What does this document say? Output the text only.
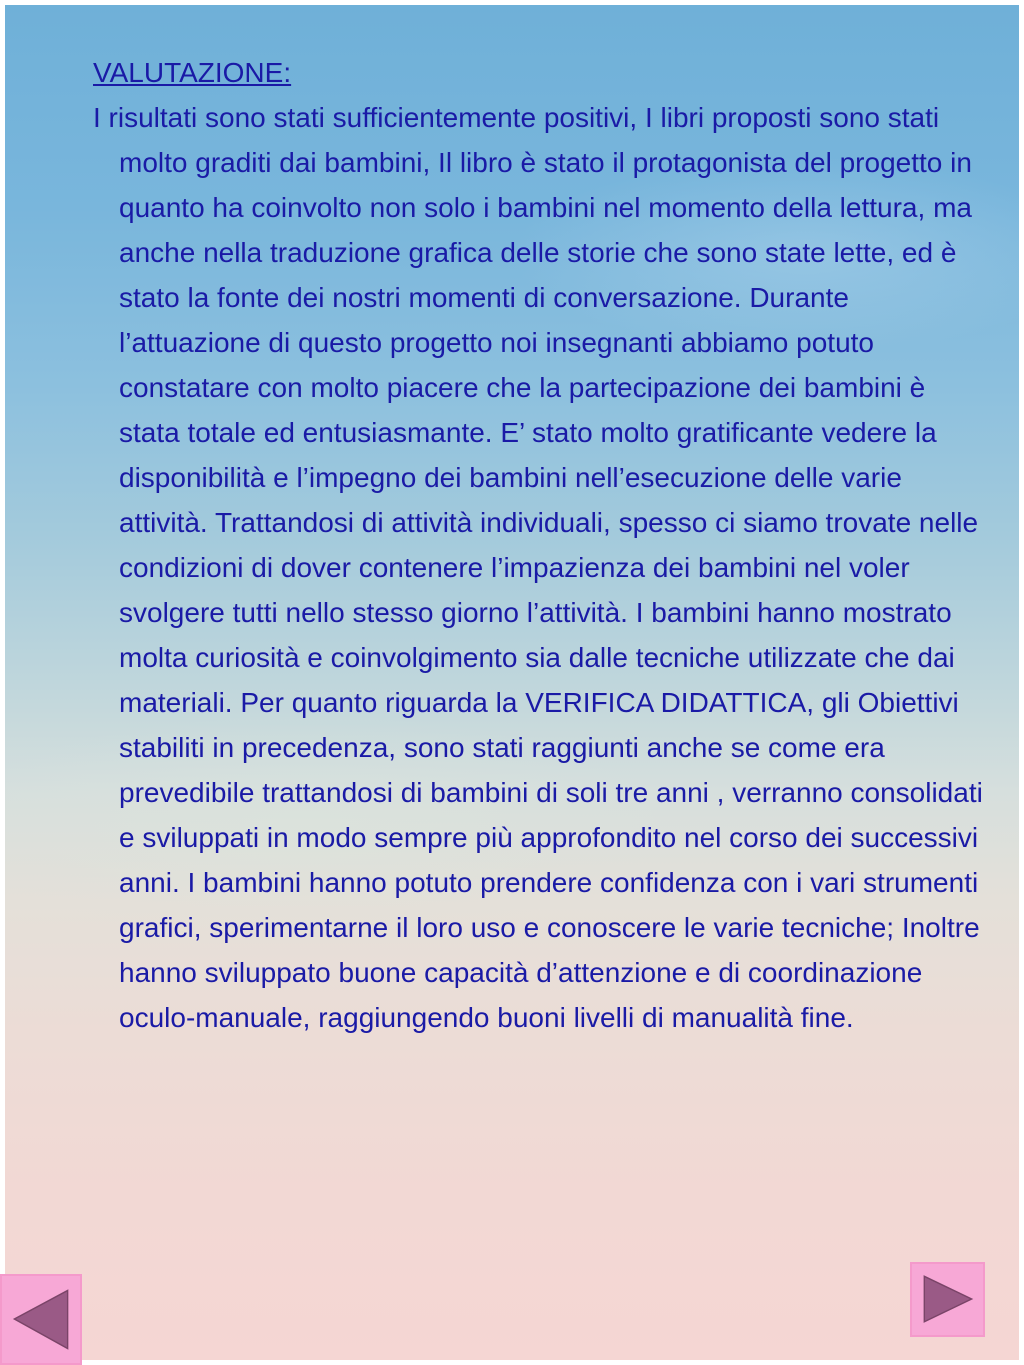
VALUTAZIONE:

I risultati sono stati sufficientemente positivi, I libri proposti sono stati molto graditi dai bambini, Il libro è stato il protagonista del progetto in quanto ha coinvolto non solo i bambini nel momento della lettura, ma anche nella traduzione grafica delle storie che sono state lette, ed è stato la fonte dei nostri momenti di conversazione. Durante l’attuazione di questo progetto noi insegnanti abbiamo potuto constatare con molto piacere che la partecipazione dei bambini è stata totale ed entusiasmante. E’ stato molto gratificante vedere la disponibilità e l’impegno dei bambini nell’esecuzione delle varie attività. Trattandosi di attività individuali, spesso ci siamo trovate nelle condizioni di dover contenere l’impazienza dei bambini nel voler svolgere tutti nello stesso giorno l’attività. I bambini hanno mostrato molta curiosità e coinvolgimento sia dalle tecniche utilizzate che dai materiali. Per quanto riguarda la VERIFICA DIDATTICA, gli Obiettivi stabiliti in precedenza, sono stati raggiunti anche se come era prevedibile trattandosi di bambini di soli tre anni , verranno consolidati e sviluppati in modo sempre più approfondito nel corso dei successivi anni. I bambini hanno potuto prendere confidenza con i vari strumenti grafici, sperimentarne il loro uso e conoscere le varie tecniche; Inoltre hanno sviluppato buone capacità d’attenzione e di coordinazione oculo-manuale, raggiungendo buoni livelli di manualità fine.
